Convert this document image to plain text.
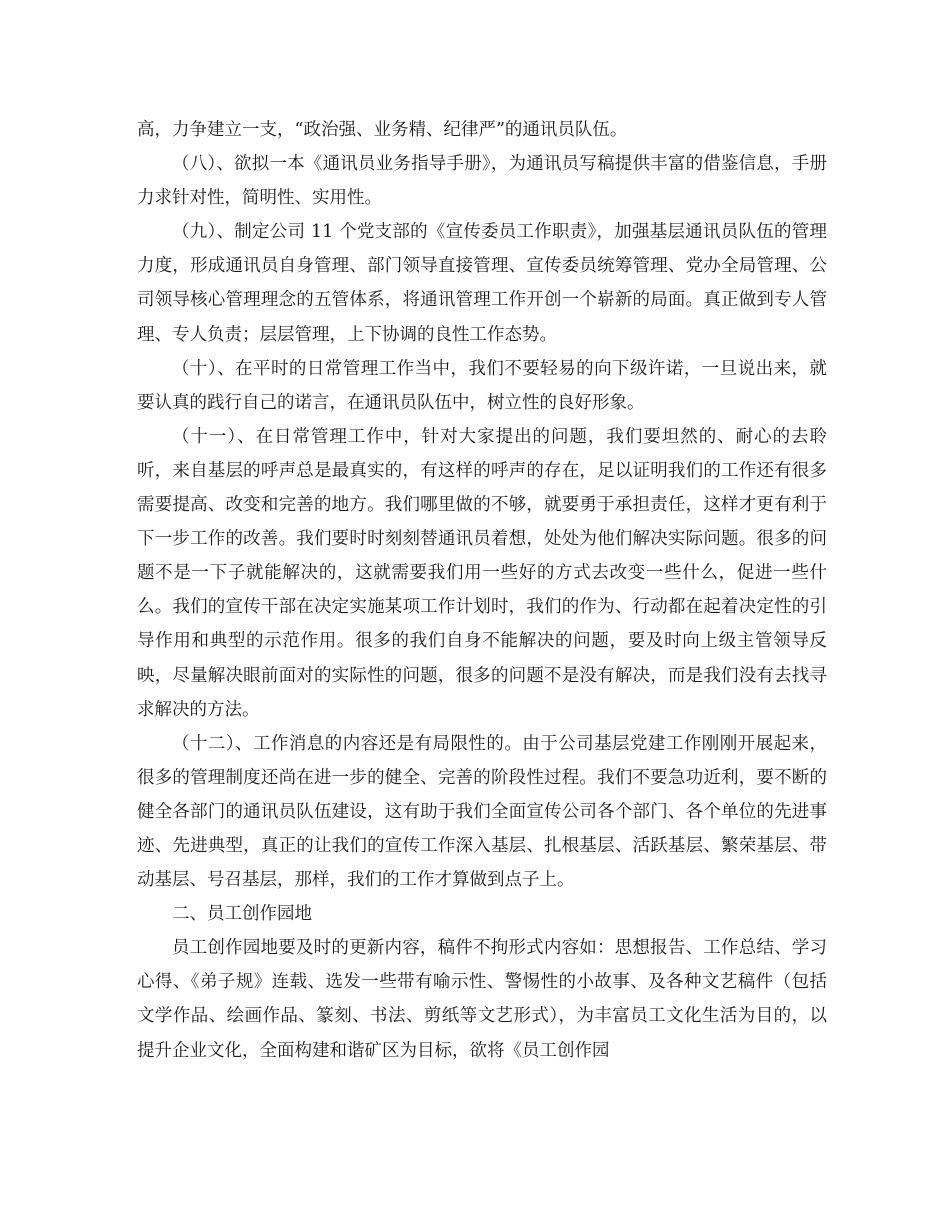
高，力争建立一支，“政治强、业务精、纪律严”的通讯员队伍。

（八）、欲拟一本《通讯员业务指导手册》，为通讯员写稿提供丰富的借鉴信息，手册力求针对性，简明性、实用性。

（九）、制定公司 11 个党支部的《宣传委员工作职责》，加强基层通讯员队伍的管理力度，形成通讯员自身管理、部门领导直接管理、宣传委员统筹管理、党办全局管理、公司领导核心管理理念的五管体系，将通讯管理工作开创一个崭新的局面。真正做到专人管理、专人负责；层层管理，上下协调的良性工作态势。

（十）、在平时的日常管理工作当中，我们不要轻易的向下级许诺，一旦说出来，就要认真的践行自己的诺言，在通讯员队伍中，树立性的良好形象。

（十一）、在日常管理工作中，针对大家提出的问题，我们要坦然的、耐心的去聆听，来自基层的呼声总是最真实的，有这样的呼声的存在，足以证明我们的工作还有很多需要提高、改变和完善的地方。我们哪里做的不够，就要勇于承担责任，这样才更有利于下一步工作的改善。我们要时时刻刻替通讯员着想，处处为他们解决实际问题。很多的问题不是一下子就能解决的，这就需要我们用一些好的方式去改变一些什么，促进一些什么。我们的宣传干部在决定实施某项工作计划时，我们的作为、行动都在起着决定性的引导作用和典型的示范作用。很多的我们自身不能解决的问题，要及时向上级主管领导反映，尽量解决眼前面对的实际性的问题，很多的问题不是没有解决，而是我们没有去找寻求解决的方法。

（十二）、工作消息的内容还是有局限性的。由于公司基层党建工作刚刚开展起来，很多的管理制度还尚在进一步的健全、完善的阶段性过程。我们不要急功近利，要不断的健全各部门的通讯员队伍建设，这有助于我们全面宣传公司各个部门、各个单位的先进事迹、先进典型，真正的让我们的宣传工作深入基层、扎根基层、活跃基层、繁荣基层、带动基层、号召基层，那样，我们的工作才算做到点子上。

二、员工创作园地

员工创作园地要及时的更新内容，稿件不拘形式内容如：思想报告、工作总结、学习心得、《弟子规》连载、选发一些带有喻示性、警惕性的小故事、及各种文艺稿件（包括文学作品、绘画作品、篆刻、书法、剪纸等文艺形式），为丰富员工文化生活为目的，以提升企业文化，全面构建和谐矿区为目标，欲将《员工创作园
